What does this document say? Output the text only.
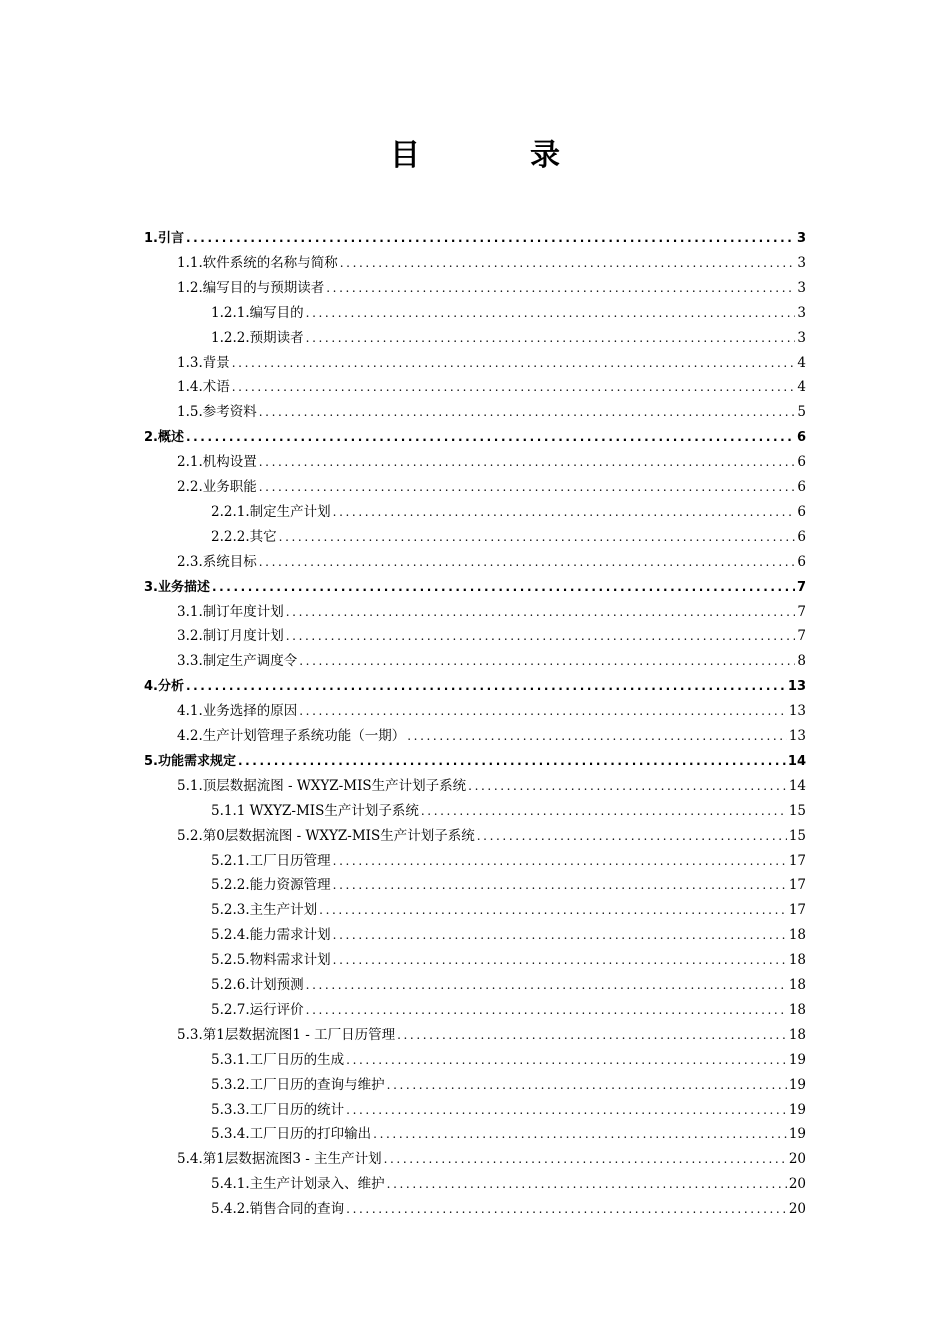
目	录
1.引言 .....	3
1.1.软件系统的名称与简称 .....	3
1.2.编写目的与预期读者 .....	3
1.2.1.编写目的 .....	3
1.2.2.预期读者 .....	3
1.3.背景 .....	4
1.4.术语 .....	4
1.5.参考资料 .....	5
2.概述 .....	6
2.1.机构设置 .....	6
2.2.业务职能 .....	6
2.2.1.制定生产计划 .....	6
2.2.2.其它 .....	6
2.3.系统目标 .....	6
3.业务描述 .....	7
3.1.制订年度计划 .....	7
3.2.制订月度计划 .....	7
3.3.制定生产调度令 .....	8
4.分析 .....	13
4.1.业务选择的原因 .....	13
4.2.生产计划管理子系统功能（一期） .....	13
5.功能需求规定 .....	14
5.1.顶层数据流图 - WXYZ-MIS生产计划子系统 .....	14
5.1.1 WXYZ-MIS生产计划子系统 .....	15
5.2.第0层数据流图 - WXYZ-MIS生产计划子系统 .....	15
5.2.1.工厂日历管理 .....	17
5.2.2.能力资源管理 .....	17
5.2.3.主生产计划 .....	17
5.2.4.能力需求计划 .....	18
5.2.5.物料需求计划 .....	18
5.2.6.计划预测 .....	18
5.2.7.运行评价 .....	18
5.3.第1层数据流图1 - 工厂日历管理 .....	18
5.3.1.工厂日历的生成 .....	19
5.3.2.工厂日历的查询与维护 .....	19
5.3.3.工厂日历的统计 .....	19
5.3.4.工厂日历的打印输出 .....	19
5.4.第1层数据流图3 - 主生产计划 .....	20
5.4.1.主生产计划录入、维护 .....	20
5.4.2.销售合同的查询 .....	20
